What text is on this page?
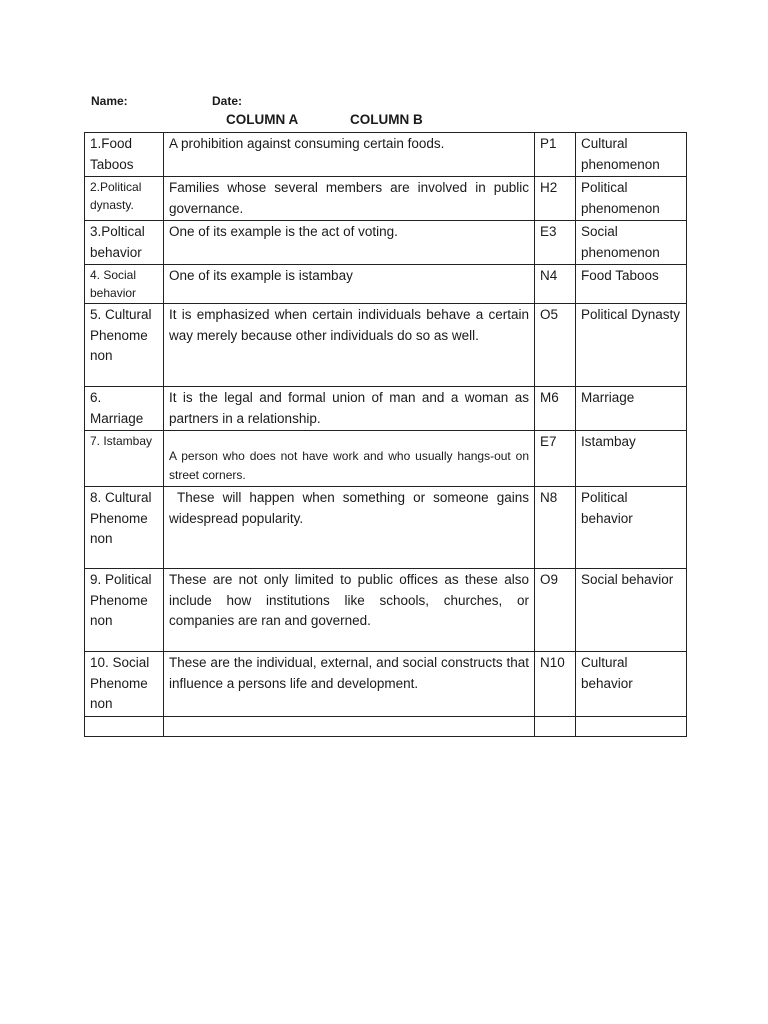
Name:	Date:
COLUMN A	COLUMN B
1.Food Taboos	A prohibition against consuming certain foods.	P1	Cultural phenomenon
2.Political dynasty.	Families whose several members are involved in public governance.	H2	Political phenomenon
3.Poltical behavior	One of its example is the act of voting.	E3	Social phenomenon
4. Social behavior	One of its example is istambay	N4	Food Taboos
5. Cultural Phenome non	It is emphasized when certain individuals behave a certain way merely because other individuals do so as well.	O5	Political Dynasty
6. Marriage	It is the legal and formal union of man and a woman as partners in a relationship.	M6	Marriage
7. Istambay	A person who does not have work and who usually hangs-out on street corners.	E7	Istambay
8. Cultural Phenome non	These will happen when something or someone gains widespread popularity.	N8	Political behavior
9. Political Phenome non	These are not only limited to public offices as these also include how institutions like schools, churches, or companies are ran and governed.	O9	Social behavior
10. Social Phenome non	These are the individual, external, and social constructs that influence a persons life and development.	N10	Cultural behavior
